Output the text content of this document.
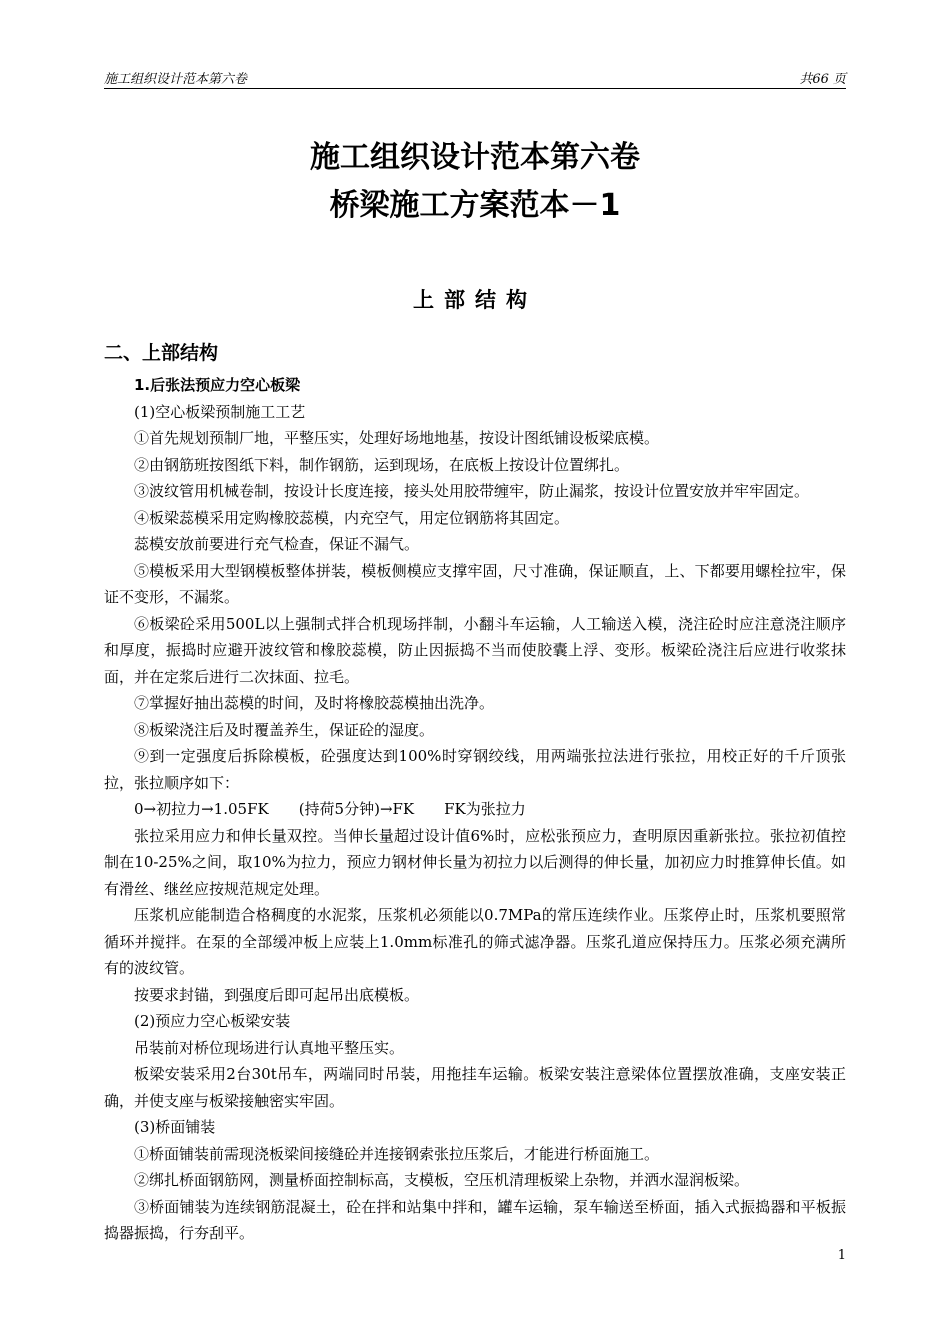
施工组织设计范本第六卷	共66 页
施工组织设计范本第六卷
桥梁施工方案范本－1
上部结构
二、上部结构

1.后张法预应力空心板梁

(1)空心板梁预制施工工艺

①首先规划预制厂地，平整压实，处理好场地地基，按设计图纸铺设板梁底模。

②由钢筋班按图纸下料，制作钢筋，运到现场，在底板上按设计位置绑扎。

③波纹管用机械卷制，按设计长度连接，接头处用胶带缠牢，防止漏浆，按设计位置安放并牢牢固定。

④板梁蕊模采用定购橡胶蕊模，内充空气，用定位钢筋将其固定。

蕊模安放前要进行充气检查，保证不漏气。

⑤模板采用大型钢模板整体拼装，模板侧模应支撑牢固，尺寸准确，保证顺直，上、下都要用螺栓拉牢，保证不变形，不漏浆。

⑥板梁砼采用500L以上强制式拌合机现场拌制，小翻斗车运输，人工输送入模，浇注砼时应注意浇注顺序和厚度，振捣时应避开波纹管和橡胶蕊模，防止因振捣不当而使胶囊上浮、变形。板梁砼浇注后应进行收浆抹面，并在定浆后进行二次抹面、拉毛。

⑦掌握好抽出蕊模的时间，及时将橡胶蕊模抽出洗净。

⑧板梁浇注后及时覆盖养生，保证砼的湿度。

⑨到一定强度后拆除模板，砼强度达到100%时穿钢绞线，用两端张拉法进行张拉，用校正好的千斤顶张拉，张拉顺序如下：

0→初拉力→1.05FK　　(持荷5分钟)→FK　　FK为张拉力

张拉采用应力和伸长量双控。当伸长量超过设计值6%时，应松张预应力，查明原因重新张拉。张拉初值控制在10-25%之间，取10%为拉力，预应力钢材伸长量为初拉力以后测得的伸长量，加初应力时推算伸长值。如有滑丝、继丝应按规范规定处理。

压浆机应能制造合格稠度的水泥浆，压浆机必须能以0.7MPa的常压连续作业。压浆停止时，压浆机要照常循环并搅拌。在泵的全部缓冲板上应装上1.0mm标准孔的筛式滤净器。压浆孔道应保持压力。压浆必须充满所有的波纹管。

按要求封锚，到强度后即可起吊出底模板。

(2)预应力空心板梁安装

吊装前对桥位现场进行认真地平整压实。

板梁安装采用2台30t吊车，两端同时吊装，用拖挂车运输。板梁安装注意梁体位置摆放准确，支座安装正确，并使支座与板梁接触密实牢固。

(3)桥面铺装

①桥面铺装前需现浇板梁间接缝砼并连接钢索张拉压浆后，才能进行桥面施工。

②绑扎桥面钢筋网，测量桥面控制标高，支模板，空压机清理板梁上杂物，并洒水湿润板梁。

③桥面铺装为连续钢筋混凝土，砼在拌和站集中拌和，罐车运输，泵车输送至桥面，插入式振捣器和平板振捣器振捣，行夯刮平。

1
